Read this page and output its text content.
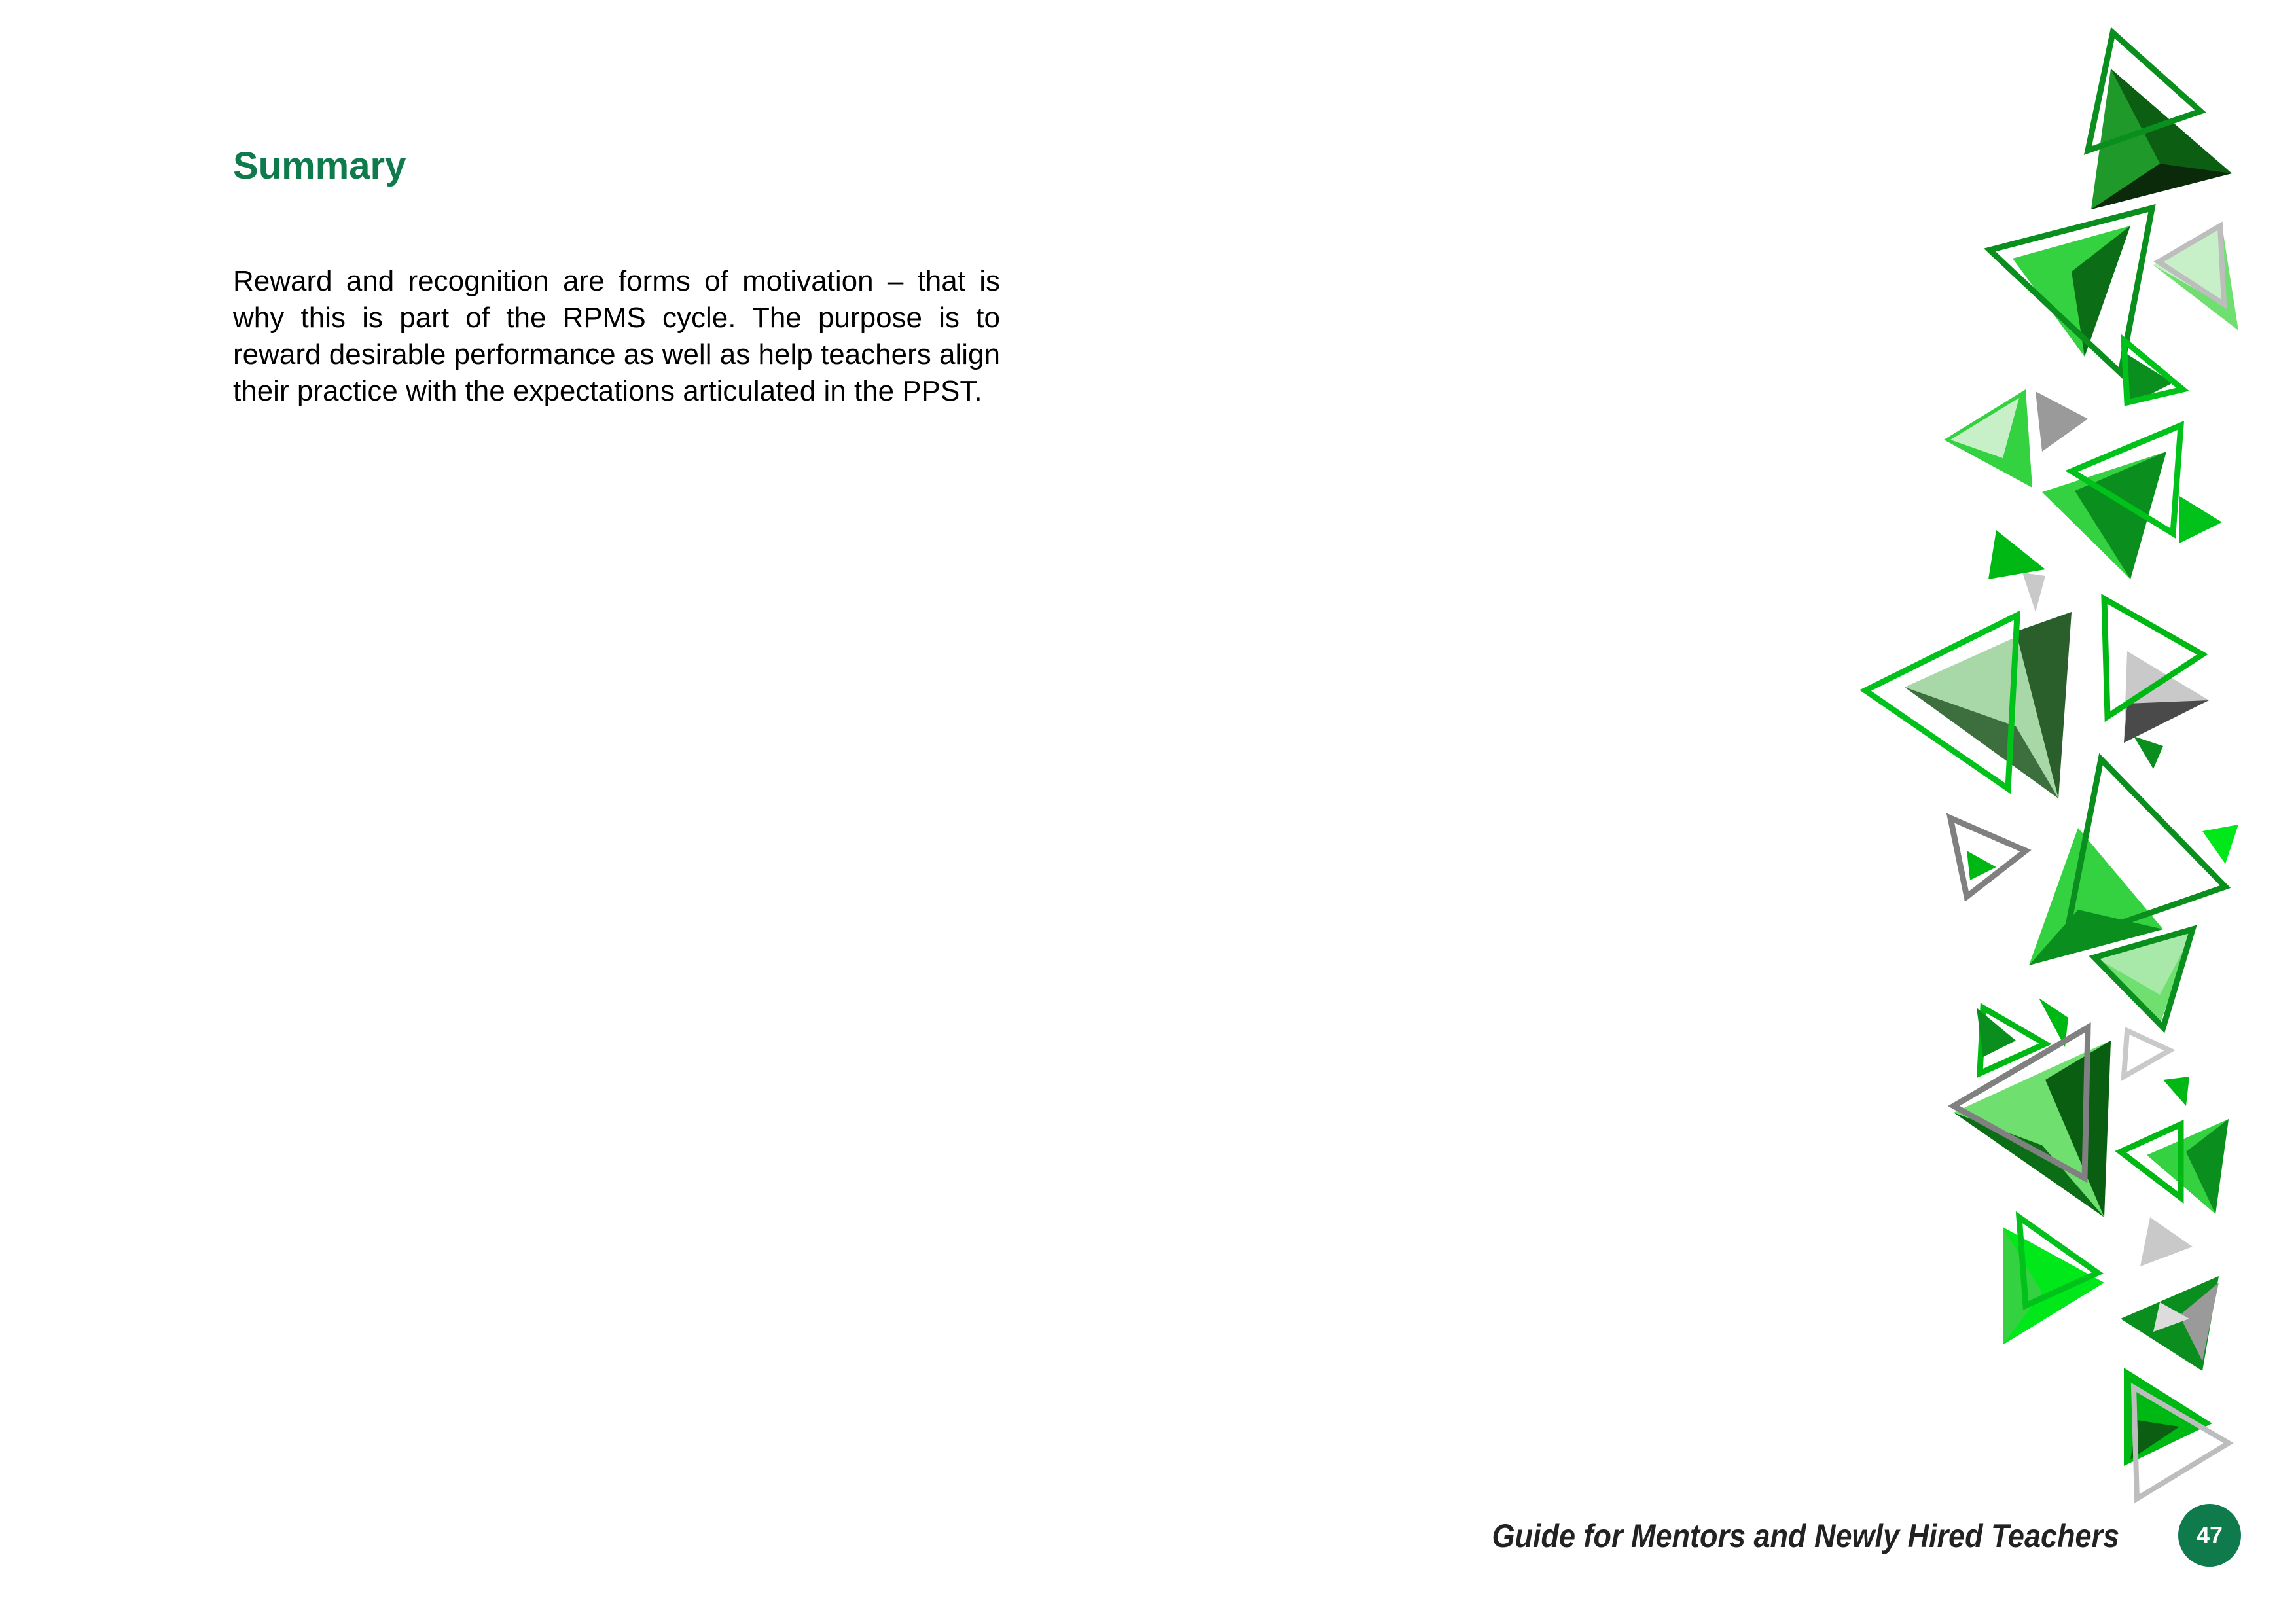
Summary

Reward and recognition are forms of motivation – that is why this is part of the RPMS cycle. The purpose is to reward desirable performance as well as help teachers align their practice with the expectations articulated in the PPST.

Guide for Mentors and Newly Hired Teachers	47
